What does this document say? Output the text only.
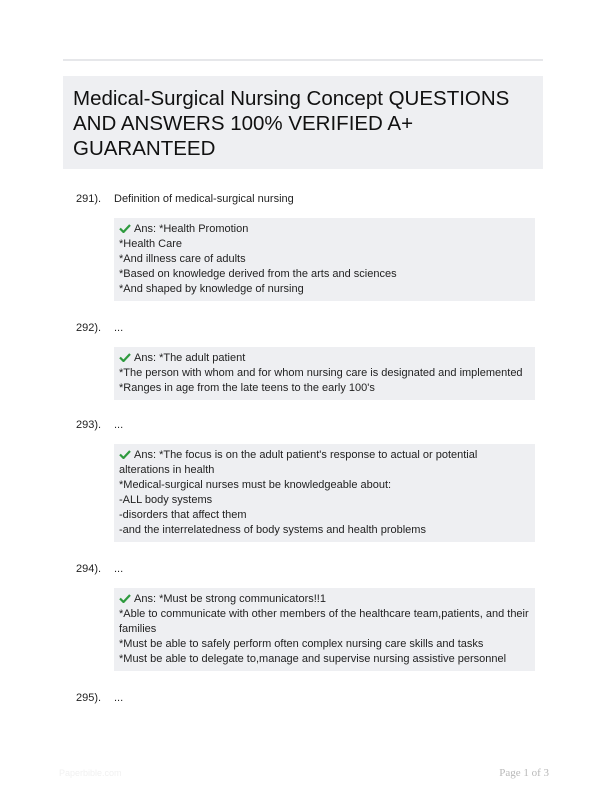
Medical-Surgical Nursing Concept QUESTIONS AND ANSWERS 100% VERIFIED A+ GUARANTEED
291). Definition of medical-surgical nursing
Ans: *Health Promotion
*Health Care
*And illness care of adults
*Based on knowledge derived from the arts and sciences
*And shaped by knowledge of nursing
292). ...
Ans: *The adult patient
*The person with whom and for whom nursing care is designated and implemented
*Ranges in age from the late teens to the early 100's
293). ...
Ans: *The focus is on the adult patient's response to actual or potential alterations in health
*Medical-surgical nurses must be knowledgeable about:
-ALL body systems
-disorders that affect them
-and the interrelatedness of body systems and health problems
294). ...
Ans: *Must be strong communicators!!1
*Able to communicate with other members of the healthcare team,patients, and their families
*Must be able to safely perform often complex nursing care skills and tasks
*Must be able to delegate to,manage and supervise nursing assistive personnel
295). ...
Paperbible.com	Page 1 of 3
